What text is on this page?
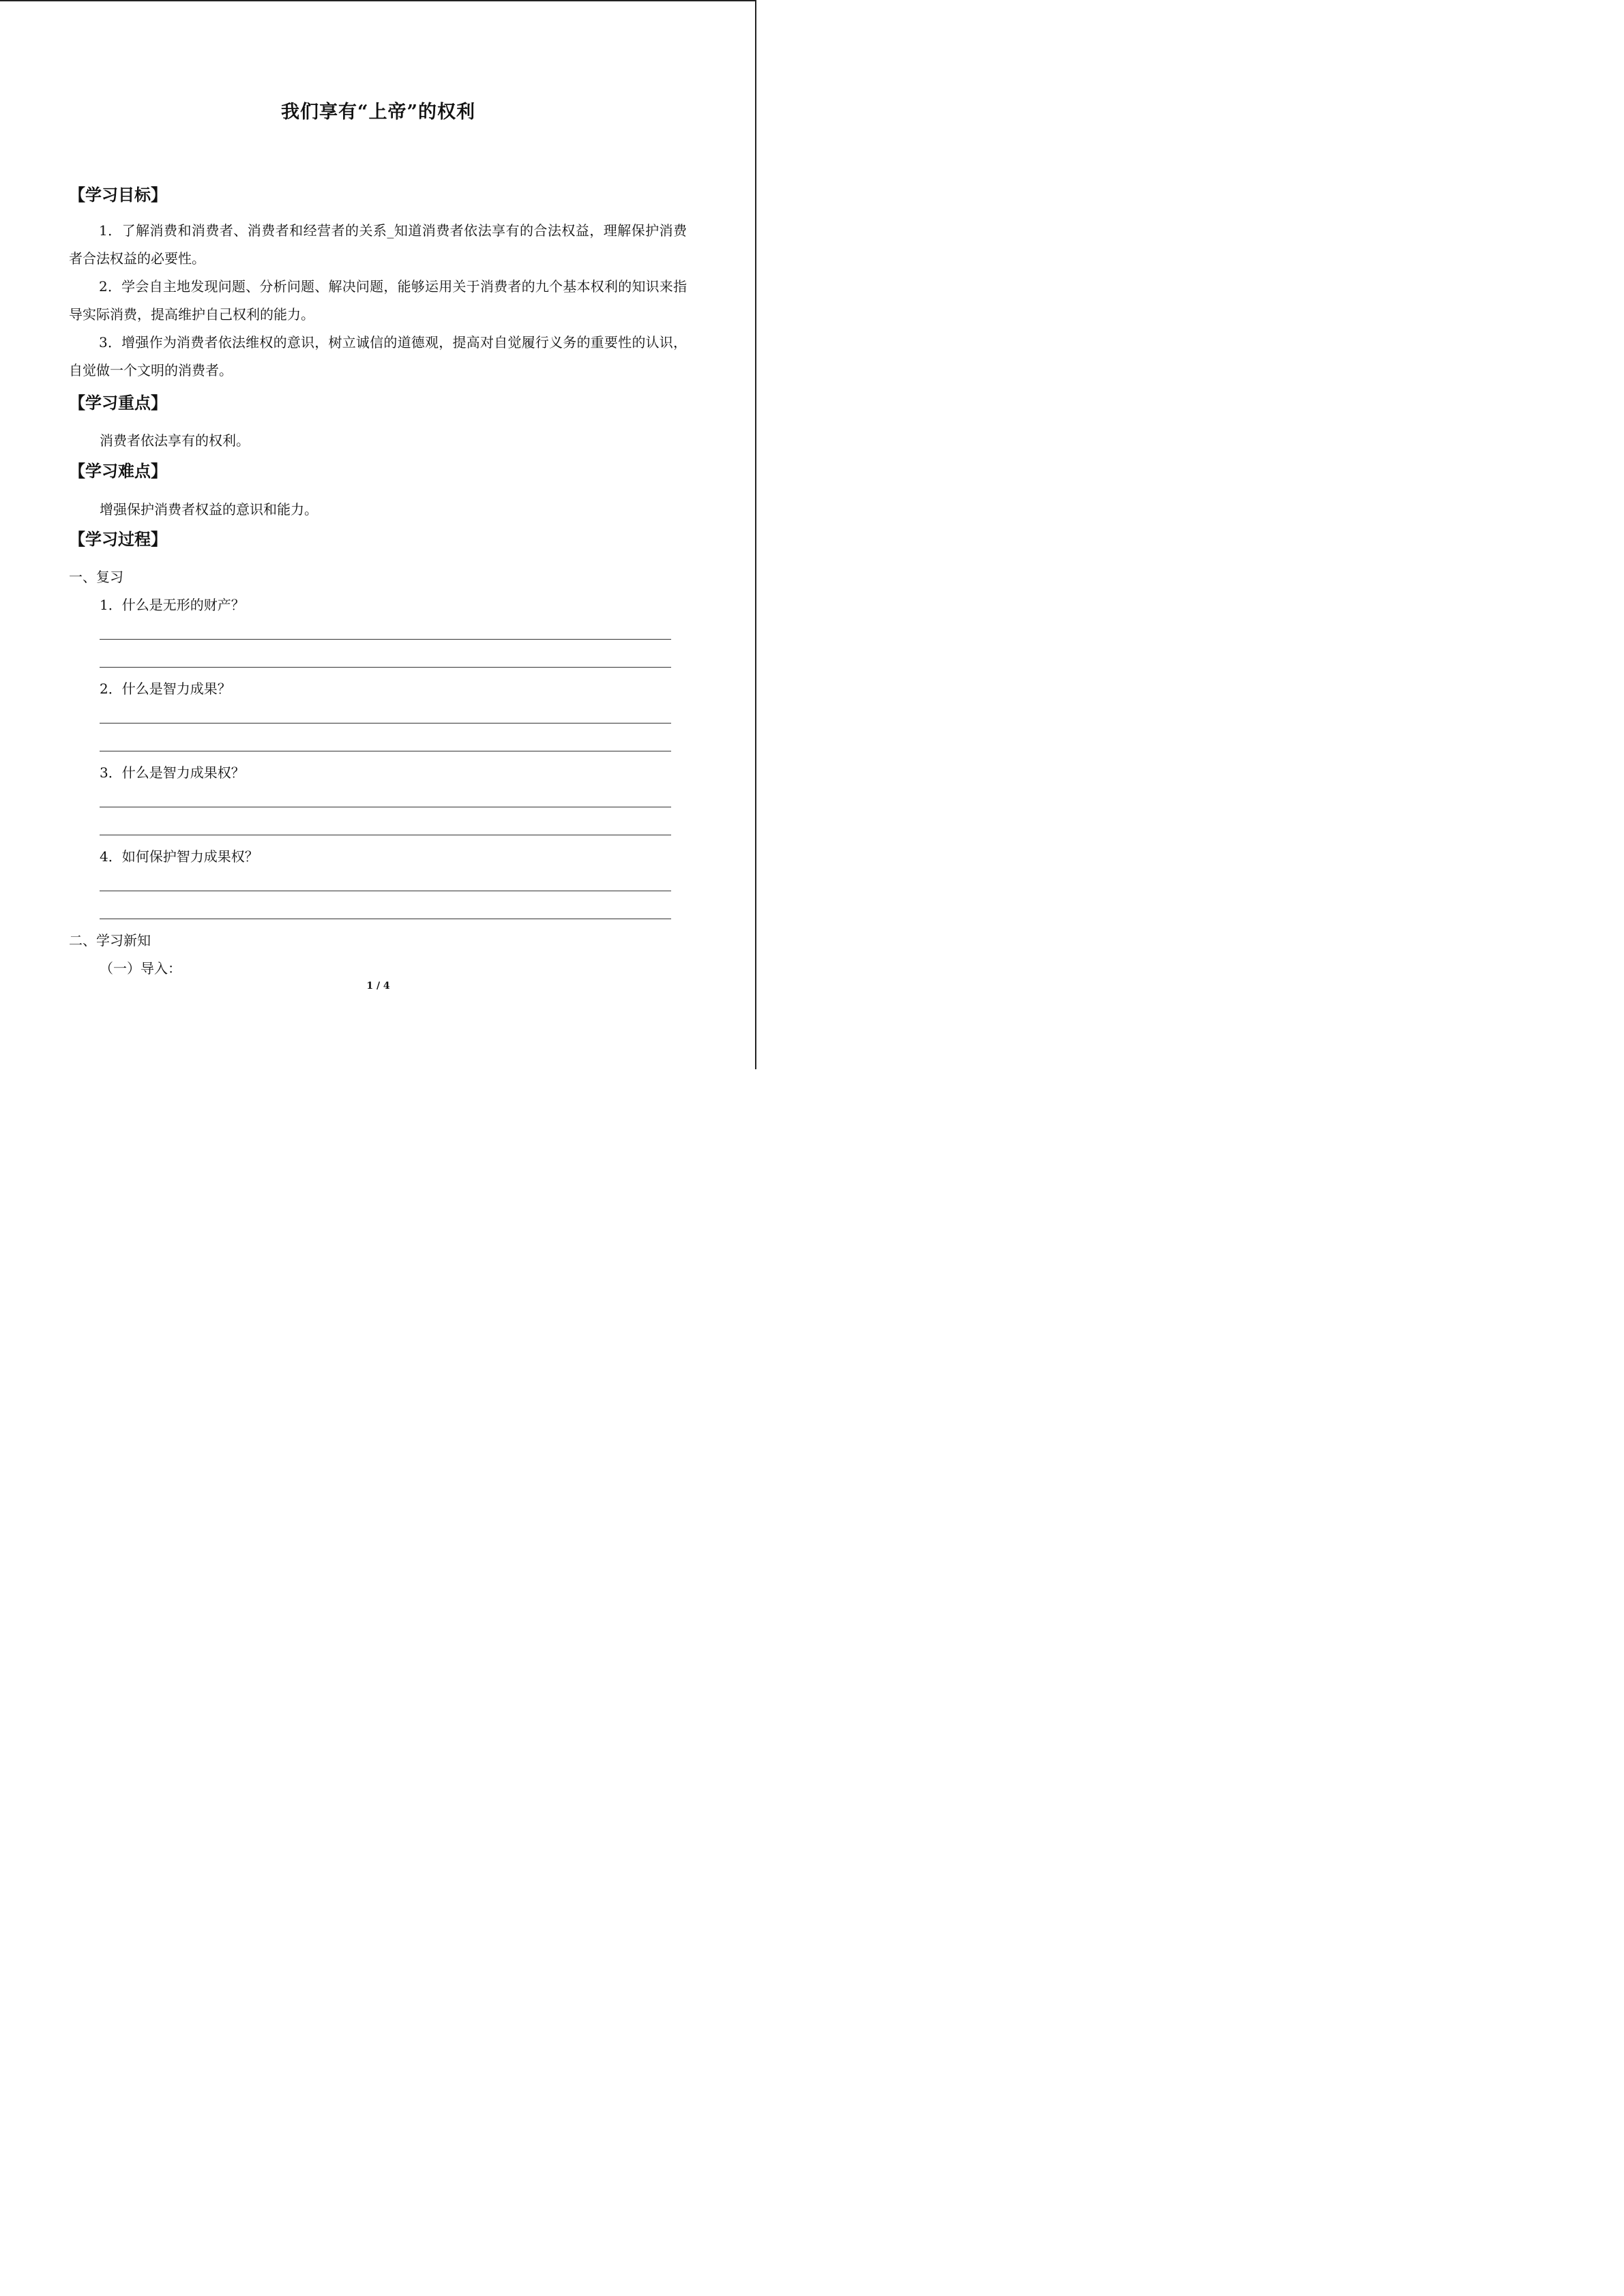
我们享有“上帝”的权利
【学习目标】

1．了解消费和消费者、消费者和经营者的关系_知道消费者依法享有的合法权益，理解保护消费者合法权益的必要性。

2．学会自主地发现问题、分析问题、解决问题，能够运用关于消费者的九个基本权利的知识来指导实际消费，提高维护自己权利的能力。

3．增强作为消费者依法维权的意识，树立诚信的道德观，提高对自觉履行义务的重要性的认识，自觉做一个文明的消费者。

【学习重点】
消费者依法享有的权利。
【学习难点】
增强保护消费者权益的意识和能力。
【学习过程】
一、复习
1．什么是无形的财产？
2．什么是智力成果？
3．什么是智力成果权？
4．如何保护智力成果权？
二、学习新知
（一）导入：
1 / 4
